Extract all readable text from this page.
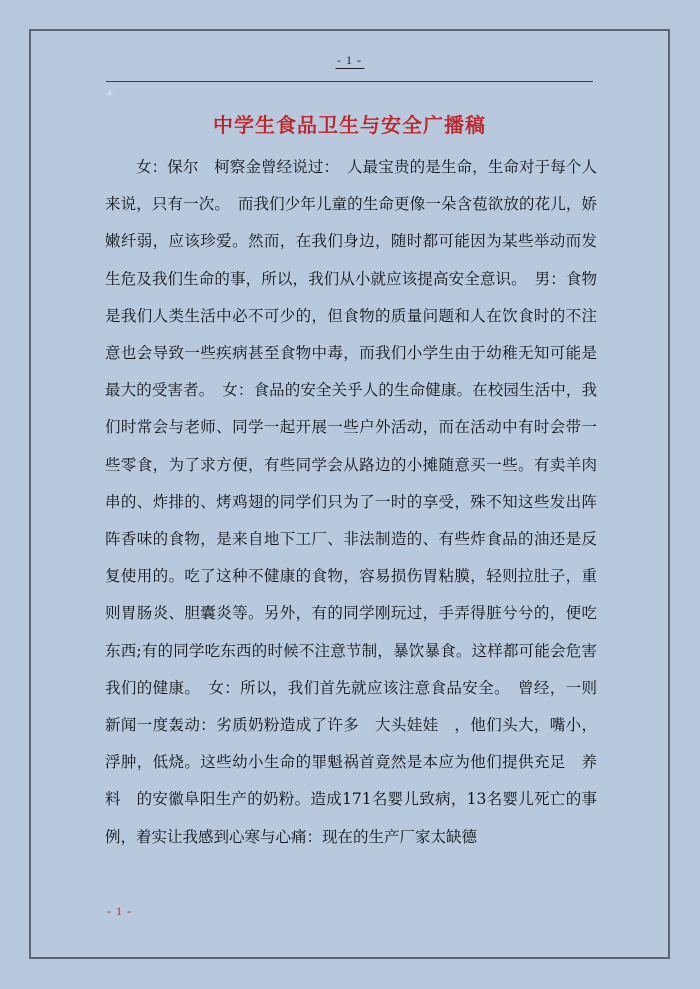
- 1 -
+
中学生食品卫生与安全广播稿

女：保尔　柯察金曾经说过：　人最宝贵的是生命，生命对于每个人来说，只有一次。　而我们少年儿童的生命更像一朵含苞欲放的花儿，娇嫩纤弱，应该珍爱。然而，在我们身边，随时都可能因为某些举动而发生危及我们生命的事，所以，我们从小就应该提高安全意识。　男：食物是我们人类生活中必不可少的，但食物的质量问题和人在饮食时的不注意也会导致一些疾病甚至食物中毒，而我们小学生由于幼稚无知可能是最大的受害者。　女：食品的安全关乎人的生命健康。在校园生活中，我们时常会与老师、同学一起开展一些户外活动，而在活动中有时会带一些零食，为了求方便，有些同学会从路边的小摊随意买一些。有卖羊肉串的、炸排的、烤鸡翅的同学们只为了一时的享受，殊不知这些发出阵阵香味的食物，是来自地下工厂、非法制造的、有些炸食品的油还是反复使用的。吃了这种不健康的食物，容易损伤胃粘膜，轻则拉肚子，重则胃肠炎、胆囊炎等。另外，有的同学刚玩过，手弄得脏兮兮的，便吃东西;有的同学吃东西的时候不注意节制，暴饮暴食。这样都可能会危害我们的健康。　女：所以，我们首先就应该注意食品安全。　曾经，一则新闻一度轰动：劣质奶粉造成了许多　大头娃娃　，他们头大，嘴小，浮肿，低烧。这些幼小生命的罪魁祸首竟然是本应为他们提供充足　养料　的安徽阜阳生产的奶粉。造成171名婴儿致病，13名婴儿死亡的事例，着实让我感到心寒与心痛：现在的生产厂家太缺德

- 1 -
